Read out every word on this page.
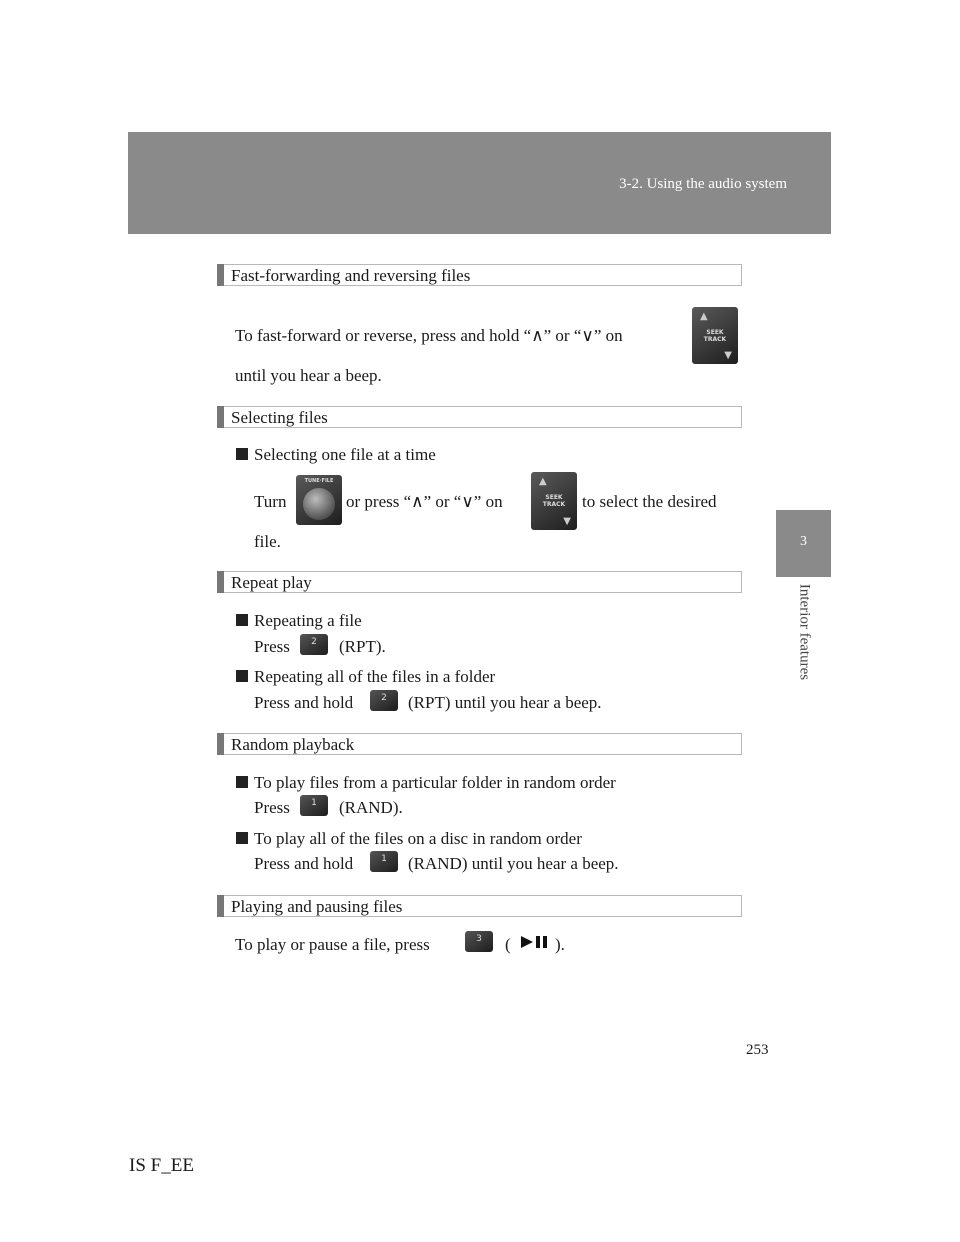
3-2. Using the audio system
3
Interior features
Fast-forwarding and reversing files
To fast-forward or reverse, press and hold “∧” or “∨” on
▲
SEEK
TRACK
▼
until you hear a beep.
Selecting files
Selecting one file at a time
Turn
TUNE·FILE
or press “∧” or “∨” on
▲
SEEK
TRACK
▼
to select the desired
file.
Repeat play
Repeating a file
Press	2	(RPT).
Repeating all of the files in a folder
Press and hold	2	(RPT) until you hear a beep.
Random playback
To play files from a particular folder in random order
Press	1	(RAND).
To play all of the files on a disc in random order
Press and hold	1	(RAND) until you hear a beep.
Playing and pausing files
To play or pause a file, press	3	(	).
253
IS F_EE
